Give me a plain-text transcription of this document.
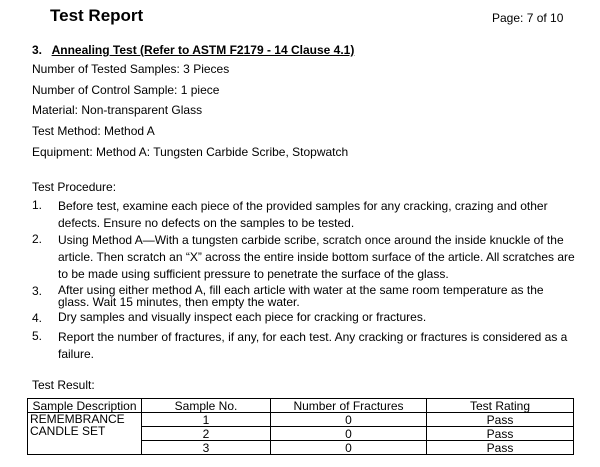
Test Report	Page: 7 of 10
3. Annealing Test (Refer to ASTM F2179 - 14 Clause 4.1)
Number of Tested Samples: 3 Pieces
Number of Control Sample: 1 piece
Material: Non-transparent Glass
Test Method: Method A
Equipment: Method A: Tungsten Carbide Scribe, Stopwatch
Test Procedure:
1. Before test, examine each piece of the provided samples for any cracking, crazing and other defects. Ensure no defects on the samples to be tested.
2. Using Method A—With a tungsten carbide scribe, scratch once around the inside knuckle of the article. Then scratch an “X” across the entire inside bottom surface of the article. All scratches are to be made using sufficient pressure to penetrate the surface of the glass.
3. After using either method A, fill each article with water at the same room temperature as the glass. Wait 15 minutes, then empty the water.
4. Dry samples and visually inspect each piece for cracking or fractures.
5. Report the number of fractures, if any, for each test. Any cracking or fractures is considered as a failure.
Test Result:
Sample Description	Sample No.	Number of Fractures	Test Rating

REMEMBRANCE
CANDLE SET	1	0	Pass
	2	0	Pass
	3	0	Pass
